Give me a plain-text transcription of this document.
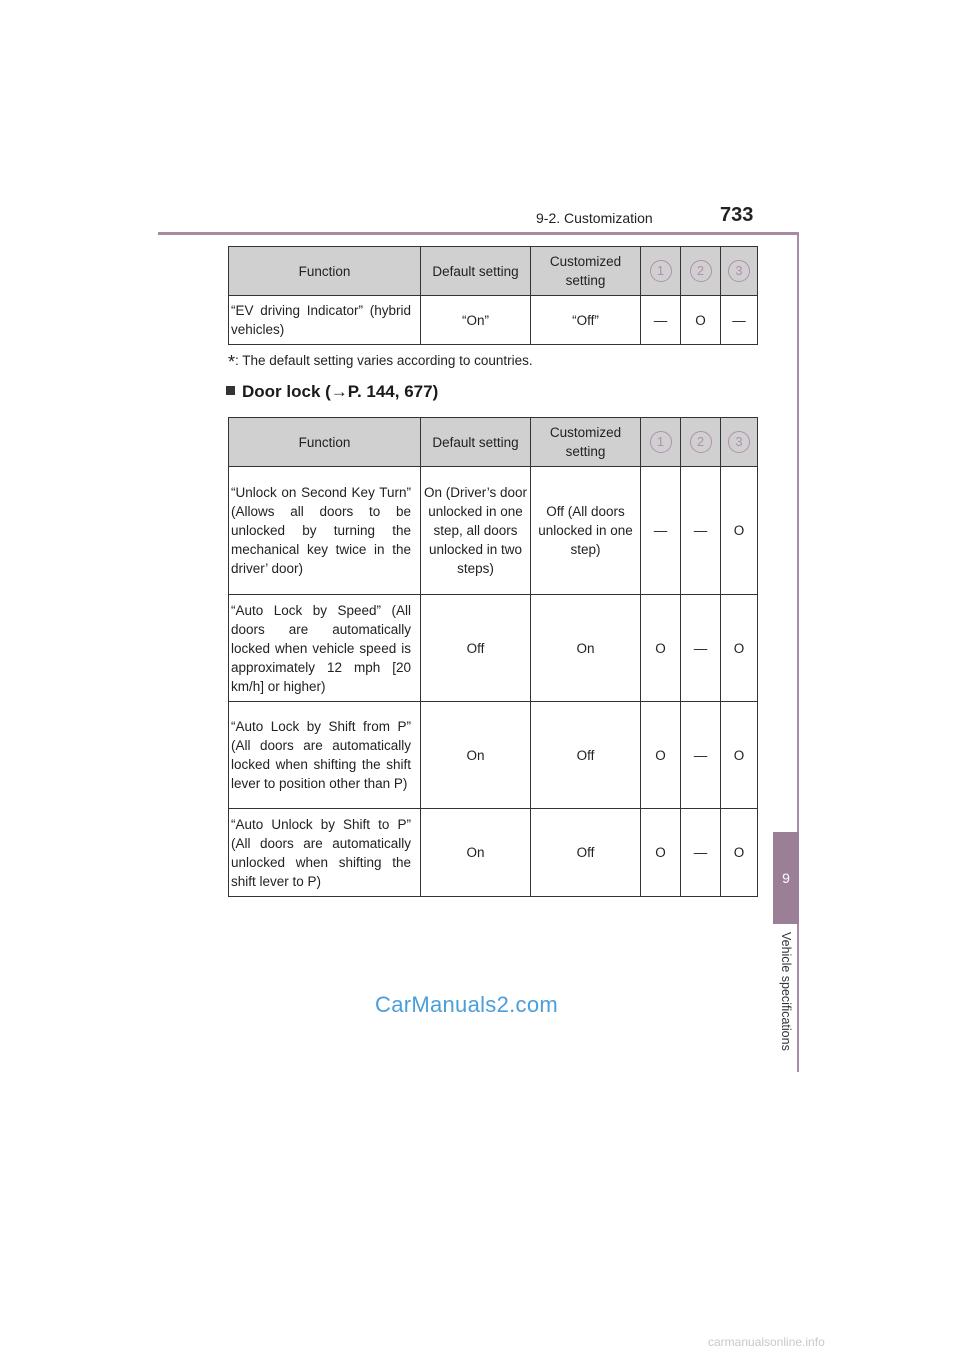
9-2. Customization	733
9
Vehicle specifications
Function	Default setting	Customized setting	1	2	3
“EV driving Indicator” (hybrid vehicles)	“On”	“Off”	—	O	—
*: The default setting varies according to countries.
Door lock (→P. 144, 677)
Function	Default setting	Customized setting	1	2	3
“Unlock on Second Key Turn” (Allows all doors to be unlocked by turning the mechanical key twice in the driver’ door)	On (Driver’s door unlocked in one step, all doors unlocked in two steps)	Off (All doors unlocked in one step)	—	—	O
“Auto Lock by Speed” (All doors are automatically locked when vehicle speed is approximately 12 mph [20 km/h] or higher)	Off	On	O	—	O
“Auto Lock by Shift from P” (All doors are automatically locked when shifting the shift lever to position other than P)	On	Off	O	—	O
“Auto Unlock by Shift to P” (All doors are automatically unlocked when shifting the shift lever to P)	On	Off	O	—	O
CarManuals2.com
carmanualsonline.info
